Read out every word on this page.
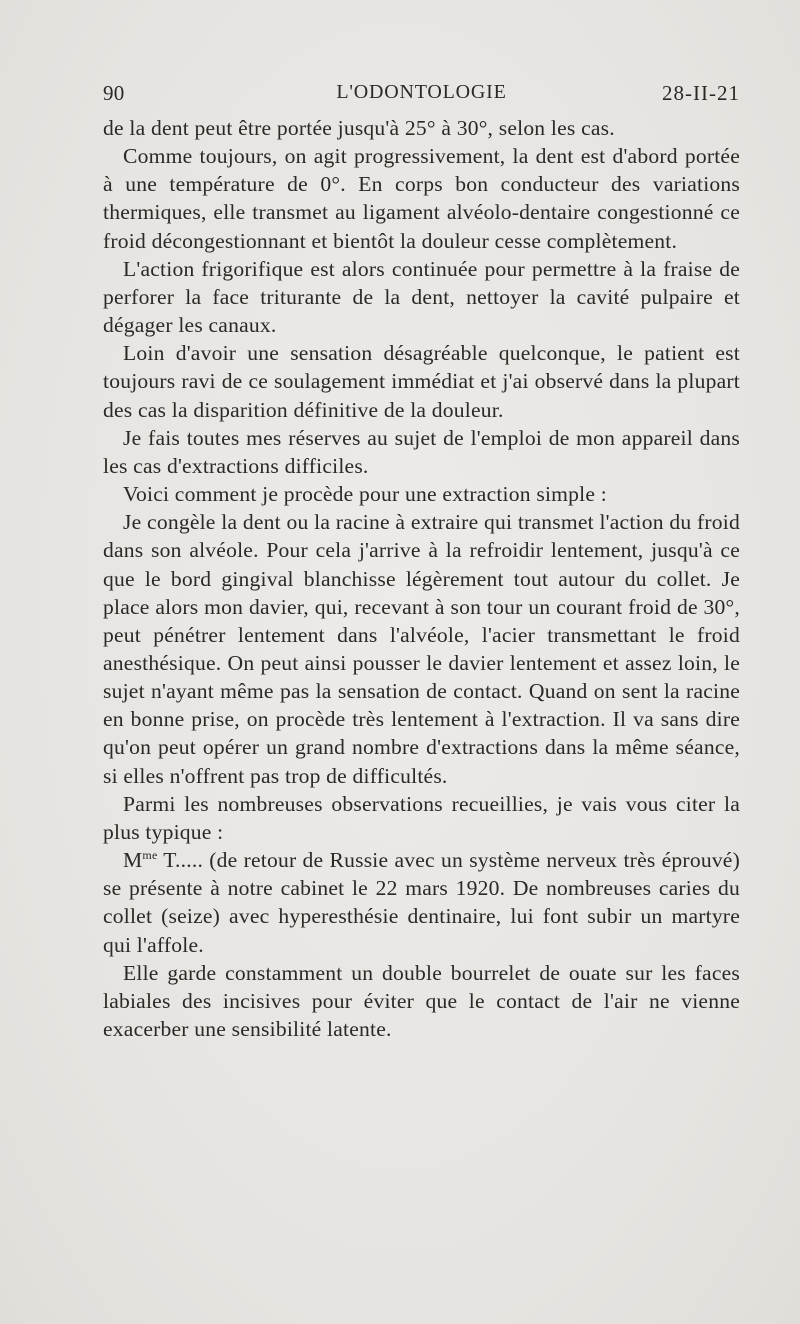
90	L'ODONTOLOGIE	28-II-21

de la dent peut être portée jusqu'à 25° à 30°, selon les cas.

Comme toujours, on agit progressivement, la dent est d'abord portée à une température de 0°. En corps bon conducteur des variations thermiques, elle transmet au ligament alvéolo-dentaire congestionné ce froid décongestionnant et bientôt la douleur cesse complètement.

L'action frigorifique est alors continuée pour permettre à la fraise de perforer la face triturante de la dent, nettoyer la cavité pulpaire et dégager les canaux.

Loin d'avoir une sensation désagréable quelconque, le patient est toujours ravi de ce soulagement immédiat et j'ai observé dans la plupart des cas la disparition définitive de la douleur.

Je fais toutes mes réserves au sujet de l'emploi de mon appareil dans les cas d'extractions difficiles.

Voici comment je procède pour une extraction simple :

Je congèle la dent ou la racine à extraire qui transmet l'action du froid dans son alvéole. Pour cela j'arrive à la refroidir lentement, jusqu'à ce que le bord gingival blanchisse légèrement tout autour du collet. Je place alors mon davier, qui, recevant à son tour un courant froid de 30°, peut pénétrer lentement dans l'alvéole, l'acier transmettant le froid anesthésique. On peut ainsi pousser le davier lentement et assez loin, le sujet n'ayant même pas la sensation de contact. Quand on sent la racine en bonne prise, on procède très lentement à l'extraction. Il va sans dire qu'on peut opérer un grand nombre d'extractions dans la même séance, si elles n'offrent pas trop de difficultés.

Parmi les nombreuses observations recueillies, je vais vous citer la plus typique :

$M^{me}$ T..... (de retour de Russie avec un système nerveux très éprouvé) se présente à notre cabinet le 22 mars 1920. De nombreuses caries du collet (seize) avec hyperesthésie dentinaire, lui font subir un martyre qui l'affole.

Elle garde constamment un double bourrelet de ouate sur les faces labiales des incisives pour éviter que le contact de l'air ne vienne exacerber une sensibilité latente.
